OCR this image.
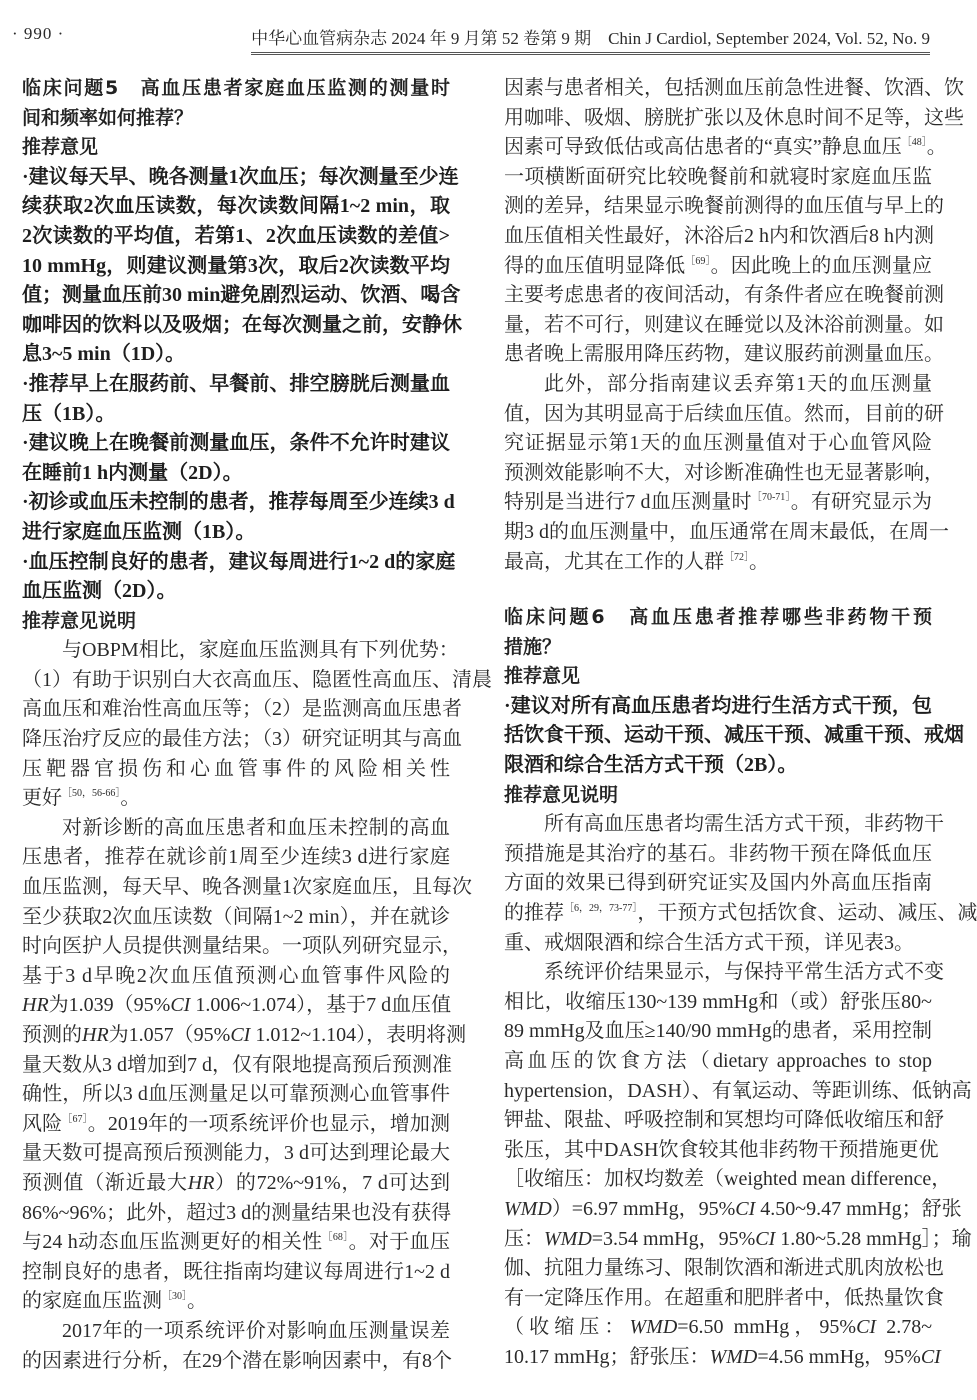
· 990 ·	中华心血管病杂志 2024 年 9 月第 52 卷第 9 期　Chin J Cardiol, September 2024, Vol. 52, No. 9
临床问题5　高血压患者家庭血压监测的测量时
间和频率如何推荐？
推荐意见
·建议每天早、晚各测量1次血压；每次测量至少连
续获取2次血压读数，每次读数间隔1~2 min，取
2次读数的平均值，若第1、2次血压读数的差值>
10 mmHg，则建议测量第3次，取后2次读数平均
值；测量血压前30 min避免剧烈运动、饮酒、喝含
咖啡因的饮料以及吸烟；在每次测量之前，安静休
息3~5 min（1D）。
·推荐早上在服药前、早餐前、排空膀胱后测量血
压（1B）。
·建议晚上在晚餐前测量血压，条件不允许时建议
在睡前1 h内测量（2D）。
·初诊或血压未控制的患者，推荐每周至少连续3 d
进行家庭血压监测（1B）。
·血压控制良好的患者，建议每周进行1~2 d的家庭
血压监测（2D）。
推荐意见说明
与OBPM相比，家庭血压监测具有下列优势：
（1）有助于识别白大衣高血压、隐匿性高血压、清晨
高血压和难治性高血压等；（2）是监测高血压患者
降压治疗反应的最佳方法；（3）研究证明其与高血
压靶器官损伤和心血管事件的风险相关性
更好$^{[50,56-66]}$。
对新诊断的高血压患者和血压未控制的高血
压患者，推荐在就诊前1周至少连续3 d进行家庭
血压监测，每天早、晚各测量1次家庭血压，且每次
至少获取2次血压读数（间隔1~2 min），并在就诊
时向医护人员提供测量结果。一项队列研究显示，
基于3 d早晚2次血压值预测心血管事件风险的
HR为1.039（95%CI 1.006~1.074），基于7 d血压值
预测的HR为1.057（95%CI 1.012~1.104），表明将测
量天数从3 d增加到7 d，仅有限地提高预后预测准
确性，所以3 d血压测量足以可靠预测心血管事件
风险$^{[67]}$。2019年的一项系统评价也显示，增加测
量天数可提高预后预测能力，3 d可达到理论最大
预测值（渐近最大HR）的72%~91%，7 d可达到
86%~96%；此外，超过3 d的测量结果也没有获得
与24 h动态血压监测更好的相关性$^{[68]}$。对于血压
控制良好的患者，既往指南均建议每周进行1~2 d
的家庭血压监测$^{[30]}$。
2017年的一项系统评价对影响血压测量误差
的因素进行分析，在29个潜在影响因素中，有8个
因素与患者相关，包括测血压前急性进餐、饮酒、饮
用咖啡、吸烟、膀胱扩张以及休息时间不足等，这些
因素可导致低估或高估患者的“真实”静息血压$^{[48]}$。
一项横断面研究比较晚餐前和就寝时家庭血压监
测的差异，结果显示晚餐前测得的血压值与早上的
血压值相关性最好，沐浴后2 h内和饮酒后8 h内测
得的血压值明显降低$^{[69]}$。因此晚上的血压测量应
主要考虑患者的夜间活动，有条件者应在晚餐前测
量，若不可行，则建议在睡觉以及沐浴前测量。如
患者晚上需服用降压药物，建议服药前测量血压。
此外，部分指南建议丢弃第1天的血压测量
值，因为其明显高于后续血压值。然而，目前的研
究证据显示第1天的血压测量值对于心血管风险
预测效能影响不大，对诊断准确性也无显著影响，
特别是当进行7 d血压测量时$^{[70-71]}$。有研究显示为
期3 d的血压测量中，血压通常在周末最低，在周一
最高，尤其在工作的人群$^{[72]}$。
临床问题6　高血压患者推荐哪些非药物干预
措施？
推荐意见
·建议对所有高血压患者均进行生活方式干预，包
括饮食干预、运动干预、减压干预、减重干预、戒烟
限酒和综合生活方式干预（2B）。
推荐意见说明
所有高血压患者均需生活方式干预，非药物干
预措施是其治疗的基石。非药物干预在降低血压
方面的效果已得到研究证实及国内外高血压指南
的推荐$^{[6,29,73-77]}$，干预方式包括饮食、运动、减压、减
重、戒烟限酒和综合生活方式干预，详见表3。
系统评价结果显示，与保持平常生活方式不变
相比，收缩压130~139 mmHg和（或）舒张压80~
89 mmHg及血压≥140/90 mmHg的患者，采用控制
高血压的饮食方法（dietary approaches to stop
hypertension，DASH）、有氧运动、等距训练、低钠高
钾盐、限盐、呼吸控制和冥想均可降低收缩压和舒
张压，其中DASH饮食较其他非药物干预措施更优
［收缩压：加权均数差（weighted mean difference，
WMD）=6.97 mmHg，95%CI 4.50~9.47 mmHg；舒张
压：WMD=3.54 mmHg，95%CI 1.80~5.28 mmHg］；瑜
伽、抗阻力量练习、限制饮酒和渐进式肌肉放松也
有一定降压作用。在超重和肥胖者中，低热量饮食
（收缩压：WMD=6.50 mmHg，95%CI 2.78~
10.17 mmHg；舒张压：WMD=4.56 mmHg，95%CI
